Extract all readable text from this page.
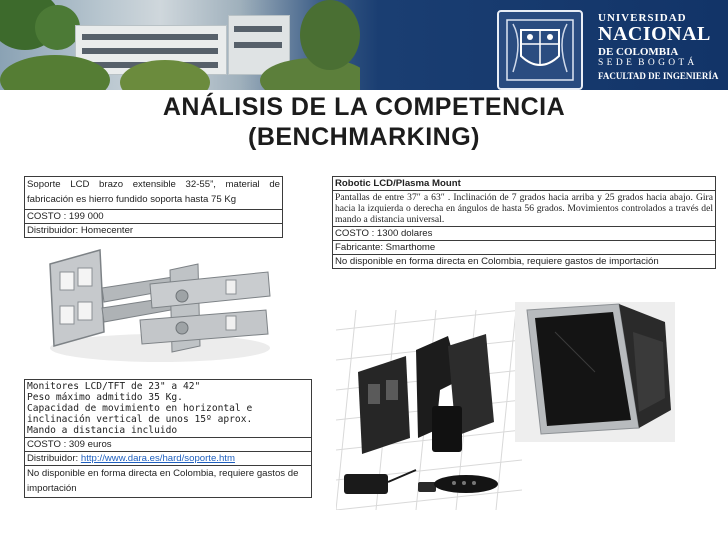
UNIVERSIDAD
NACIONAL
DE COLOMBIA
S E D E  B O G O T Á
FACULTAD DE INGENIERÍA
ANÁLISIS DE LA COMPETENCIA
(BENCHMARKING)
Soporte LCD brazo extensible 32-55”, material de fabricación es hierro fundido soporta hasta 75 Kg
COSTO : 199 000
Distribuidor: Homecenter
Robotic LCD/Plasma Mount
Pantallas de entre 37″ a 63″ . Inclinación de 7 grados hacia arriba y 25 grados hacia abajo. Gira hacia la izquierda o derecha en ángulos de hasta 56 grados. Movimientos controlados a través del mando a distancia universal.
COSTO : 1300 dolares
Fabricante: Smarthome
No disponible en forma directa en Colombia, requiere gastos de importación
Monitores LCD/TFT de 23" a 42"
Peso máximo admitido 35 Kg.
Capacidad de movimiento en horizontal e inclinación vertical de unos 15º aprox.
Mando a distancia incluido

COSTO : 309 euros
Distribuidor: http://www.dara.es/hard/soporte.htm
No disponible en forma directa en Colombia, requiere gastos de importación
